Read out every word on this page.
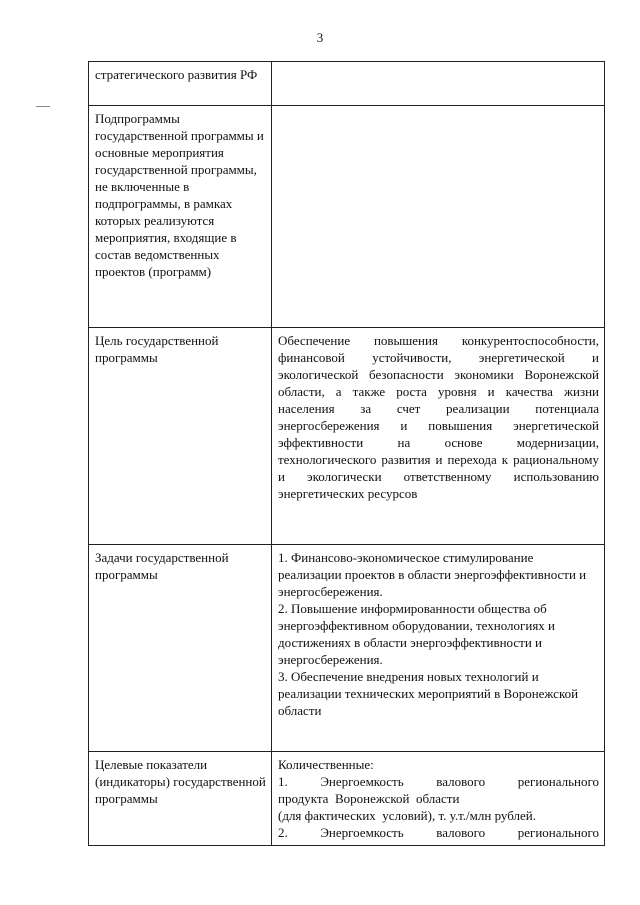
3
стратегического развития РФ	
Подпрограммы государственной программы и основные мероприятия государственной программы, не включенные в подпрограммы, в рамках которых реализуются мероприятия, входящие в состав ведомственных проектов (программ)	
Цель государственной программы	Обеспечение повышения конкурентоспособности, финансовой устойчивости, энергетической и экологической безопасности экономики Воронежской области, а также роста уровня и качества жизни населения за счет реализации потенциала энергосбережения и повышения энергетической эффективности на основе модернизации, технологического развития и перехода к рациональному и экологически ответственному использованию энергетических ресурсов
Задачи государственной программы	1. Финансово-экономическое стимулирование реализации проектов в области энергоэффективности и энергосбережения.

2. Повышение информированности общества об энергоэффективном оборудовании, технологиях и достижениях в области энергоэффективности и энергосбережения.

3. Обеспечение внедрения новых технологий и реализации технических мероприятий в Воронежской области

Целевые показатели (индикаторы) государственной программы	Количественные:

1.      Энергоемкость      валового      регионального

продукта  Воронежской  области

(для фактических  условий), т. у.т./млн рублей.

2.      Энергоемкость      валового      регионального
